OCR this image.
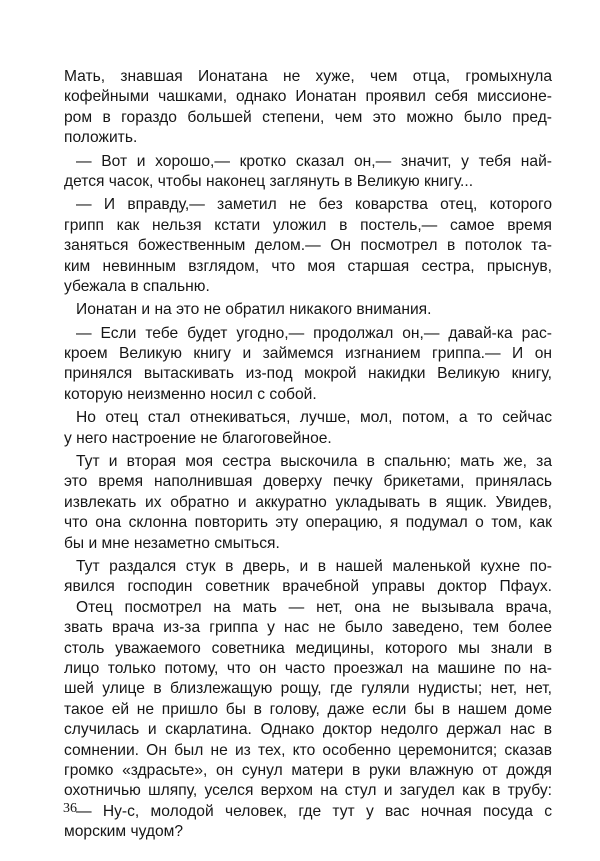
Мать, знавшая Ионатана не хуже, чем отца, громыхнула
кофейными чашками, однако Ионатан проявил себя миссионе-
ром в гораздо большей степени, чем это можно было пред-
положить.
— Вот и хорошо,— кротко сказал он,— значит, у тебя най-
дется часок, чтобы наконец заглянуть в Великую книгу...
— И вправду,— заметил не без коварства отец, которого
грипп как нельзя кстати уложил в постель,— самое время
заняться божественным делом.— Он посмотрел в потолок та-
ким невинным взглядом, что моя старшая сестра, прыснув,
убежала в спальню.
Ионатан и на это не обратил никакого внимания.
— Если тебе будет угодно,— продолжал он,— давай-ка рас-
кроем Великую книгу и займемся изгнанием гриппа.— И он
принялся вытаскивать из-под мокрой накидки Великую книгу,
которую неизменно носил с собой.
Но отец стал отнекиваться, лучше, мол, потом, а то сейчас
у него настроение не благоговейное.
Тут и вторая моя сестра выскочила в спальню; мать же, за
это время наполнившая доверху печку брикетами, принялась
извлекать их обратно и аккуратно укладывать в ящик. Увидев,
что она склонна повторить эту операцию, я подумал о том, как
бы и мне незаметно смыться.
Тут раздался стук в дверь, и в нашей маленькой кухне по-
явился господин советник врачебной управы доктор Пфаух.
Отец посмотрел на мать — нет, она не вызывала врача,
звать врача из-за гриппа у нас не было заведено, тем более
столь уважаемого советника медицины, которого мы знали в
лицо только потому, что он часто проезжал на машине по на-
шей улице в близлежащую рощу, где гуляли нудисты; нет, нет,
такое ей не пришло бы в голову, даже если бы в нашем доме
случилась и скарлатина. Однако доктор недолго держал нас в
сомнении. Он был не из тех, кто особенно церемонится; сказав
громко «здрасьте», он сунул матери в руки влажную от дождя
охотничью шляпу, уселся верхом на стул и загудел как в трубу:
— Ну-с, молодой человек, где тут у вас ночная посуда с
морским чудом?
36
